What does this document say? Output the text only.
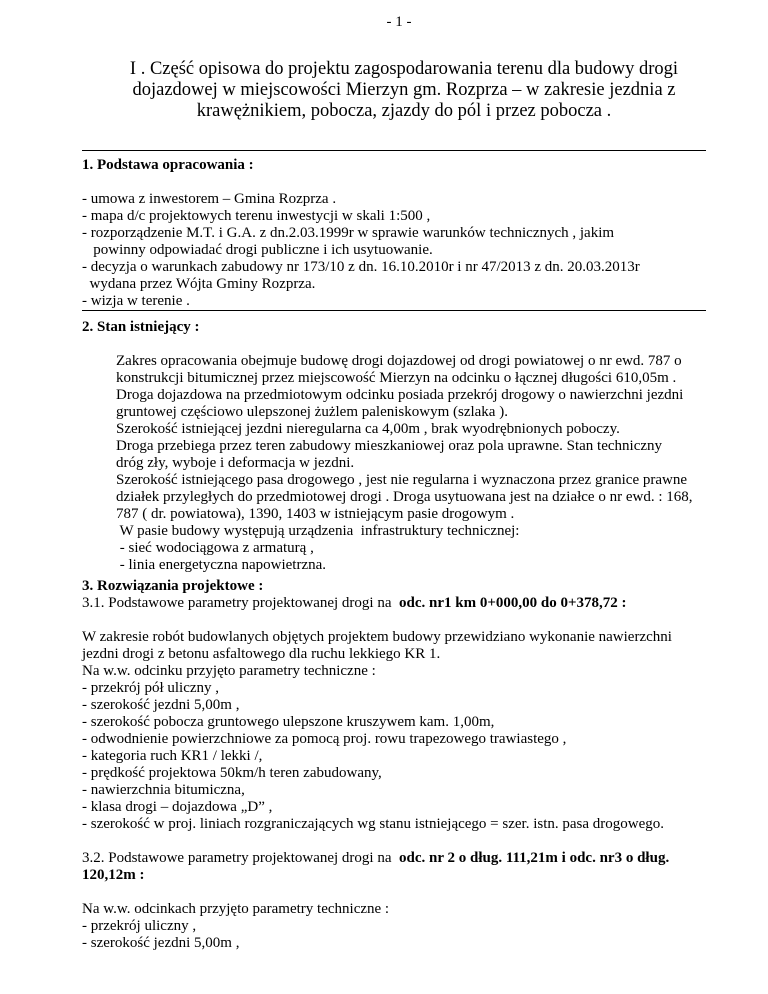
- 1 -
I . Część opisowa do projektu zagospodarowania terenu dla budowy drogi dojazdowej w miejscowości Mierzyn gm. Rozprza – w zakresie jezdnia z krawężnikiem, pobocza, zjazdy do pól i przez pobocza .
1. Podstawa opracowania :
- umowa z inwestorem – Gmina Rozprza .
- mapa d/c projektowych terenu inwestycji w skali 1:500 ,
- rozporządzenie M.T. i G.A. z dn.2.03.1999r w sprawie warunków technicznych , jakim
powinny odpowiadać drogi publiczne i ich usytuowanie.
- decyzja o warunkach zabudowy nr 173/10 z dn. 16.10.2010r i nr 47/2013 z dn. 20.03.2013r
wydana przez Wójta Gminy Rozprza.
- wizja w terenie .
2. Stan istniejący :
Zakres opracowania obejmuje budowę drogi dojazdowej od drogi powiatowej o nr ewd. 787 o
konstrukcji bitumicznej przez miejscowość Mierzyn na odcinku o łącznej długości 610,05m .
Droga dojazdowa na przedmiotowym odcinku posiada przekrój drogowy o nawierzchni jezdni
gruntowej częściowo ulepszonej żużlem paleniskowym (szlaka ).
Szerokość istniejącej jezdni nieregularna ca 4,00m , brak wyodrębnionych poboczy.
Droga przebiega przez teren zabudowy mieszkaniowej oraz pola uprawne. Stan techniczny
dróg zły, wyboje i deformacja w jezdni.
Szerokość istniejącego pasa drogowego , jest nie regularna i wyznaczona przez granice prawne
działek przyległych do przedmiotowej drogi . Droga usytuowana jest na działce o nr ewd. : 168,
787 ( dr. powiatowa), 1390, 1403 w istniejącym pasie drogowym .
W pasie budowy występują urządzenia  infrastruktury technicznej:
- sieć wodociągowa z armaturą ,
- linia energetyczna napowietrzna.
3. Rozwiązania projektowe :
3.1. Podstawowe parametry projektowanej drogi na  odc. nr1 km 0+000,00 do 0+378,72 :
W zakresie robót budowlanych objętych projektem budowy przewidziano wykonanie nawierzchni
jezdni drogi z betonu asfaltowego dla ruchu lekkiego KR 1.
Na w.w. odcinku przyjęto parametry techniczne :
- przekrój pół uliczny ,
- szerokość jezdni 5,00m ,
- szerokość pobocza gruntowego ulepszone kruszywem kam. 1,00m,
- odwodnienie powierzchniowe za pomocą proj. rowu trapezowego trawiastego ,
- kategoria ruch KR1 / lekki /,
- prędkość projektowa 50km/h teren zabudowany,
- nawierzchnia bitumiczna,
- klasa drogi – dojazdowa „D” ,
- szerokość w proj. liniach rozgraniczających wg stanu istniejącego = szer. istn. pasa drogowego.
3.2. Podstawowe parametry projektowanej drogi na  odc. nr 2 o dług. 111,21m i odc. nr3 o dług.
120,12m :
Na w.w. odcinkach przyjęto parametry techniczne :
- przekrój uliczny ,
- szerokość jezdni 5,00m ,
